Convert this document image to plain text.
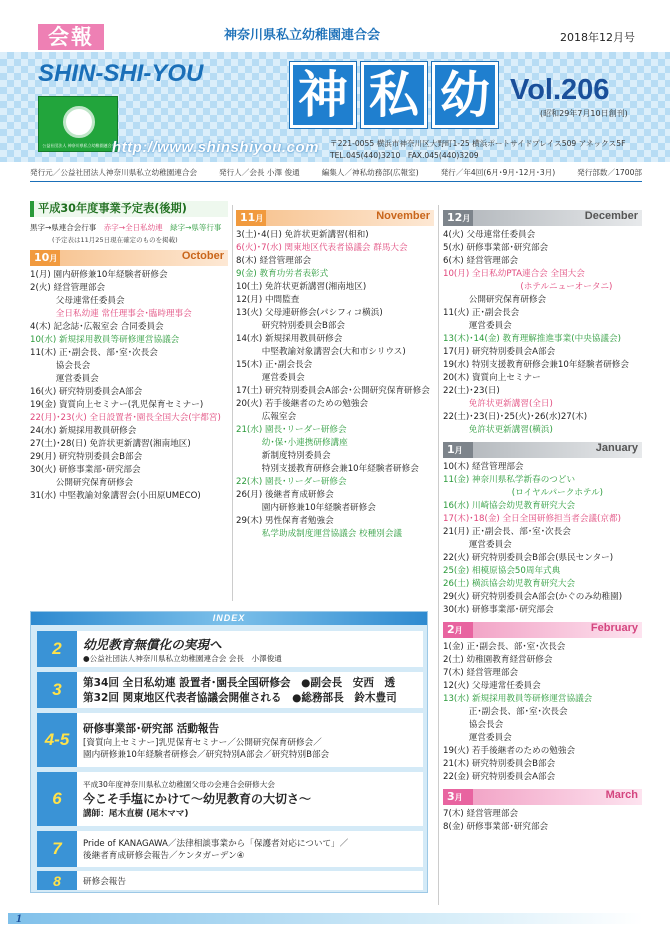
会報	神奈川県私立幼稚園連合会	2018年12月号
SHIN-SHI-YOU
公益社団法人 神奈川県私立幼稚園連合会
神 私 幼 Vol.206
(昭和29年7月10日創刊)
http://www.shinshiyou.com 〒221-0055 横浜市神奈川区大野町1-25 横浜ポートサイドプレイス509 アネックス5F
TEL.045(440)3210　FAX.045(440)3209
発行元／公益社団法人神奈川県私立幼稚園連合会	発行人／会長 小澤 俊通	編集人／神私幼務部(広報室)	発行／年4回(6月･9月･12月･3月)	発行部数／1700部
平成30年度事業予定表(後期)
黒字→県連合会行事　 赤字→全日私幼連　 緑字→県等行事
(予定表は11月25日現在確定のものを掲載)
10月	October
1(月) 園内研修兼10年経験者研修会
2(火) 経営管理部会
　　　父母連常任委員会
　　　全日私幼連 常任理事会･臨時理事会
4(木) 記念誌･広報室会 合同委員会
10(水) 新規採用教員等研修運営協議会
11(木) 正･副会長、部･室･次長会
　　　協会長会
　　　運営委員会
16(火) 研究特別委員会A部会
19(金) 資質向上セミナー(乳児保育セミナー)
22(月)･23(火) 全日設置者･園長全国大会(宇都宮)
24(水) 新規採用教員研修会
27(土)･28(日) 免許状更新講習(湘南地区)
29(月) 研究特別委員会B部会
30(火) 研修事業部･研究部会
　　　公開研究保育研修会
31(水) 中堅教諭対象講習会(小田原UMECO)
11月	November
3(土)･4(日) 免許状更新講習(相和)
6(火)･7(水) 関東地区代表者協議会 群馬大会
8(木) 経営管理部会
9(金) 教育功労者表彰式
10(土) 免許状更新講習(湘南地区)
12(月) 中間監査
13(火) 父母連研修会(パシフィコ横浜)
　　　研究特別委員会B部会
14(水) 新規採用教員研修会
　　　中堅教諭対象講習会(大和市シリウス)
15(木) 正･副会長会
　　　運営委員会
17(土) 研究特別委員会A部会･公開研究保育研修会
20(火) 若手後継者のための勉強会
　　　広報室会
21(水) 園長･リーダー研修会
　　　幼･保･小連携研修講座
　　　新制度特別委員会
　　　特別支援教育研修会兼10年経験者研修会
22(木) 園長･リーダー研修会
26(月) 後継者育成研修会
　　　園内研修兼10年経験者研修会
29(木) 男性保育者勉強会
　　　私学助成制度運営協議会 校種別会議
12月	December
4(火) 父母連常任委員会
5(水) 研修事業部･研究部会
6(木) 経営管理部会
10(月) 全日私幼PTA連合会 全国大会
　　　　　　　　　(ホテルニューオータニ)
　　　公開研究保育研修会
11(火) 正･副会長会
　　　運営委員会
13(木)･14(金) 教育理解推進事業(中央協議会)
17(月) 研究特別委員会A部会
19(水) 特別支援教育研修会兼10年経験者研修会
20(木) 資質向上セミナー
22(土)･23(日)
　　　免許状更新講習(全日)
22(土)･23(日)･25(火)･26(水)27(木)
　　　免許状更新講習(横浜)
1月	January
10(木) 経営管理部会
11(金) 神奈川県私学新春のつどい
　　　　　　　　(ロイヤルパークホテル)
16(水) 川崎協会幼児教育研究大会
17(木)･18(金) 全日全国研修担当者会議(京都)
21(月) 正･副会長、部･室･次長会
　　　運営委員会
22(火) 研究特別委員会B部会(県民センター)
25(金) 相模原協会50周年式典
26(土) 横浜協会幼児教育研究大会
29(火) 研究特別委員会A部会(かぐのみ幼稚園)
30(水) 研修事業部･研究部会
2月	February
1(金) 正･副会長、部･室･次長会
2(土) 幼稚園教育経営研修会
7(木) 経営管理部会
12(火) 父母連常任委員会
13(水) 新規採用教員等研修運営協議会
　　　正･副会長、部･室･次長会
　　　協会長会
　　　運営委員会
19(火) 若手後継者のための勉強会
21(木) 研究特別委員会B部会
22(金) 研究特別委員会A部会
3月	March
7(木) 経営管理部会
8(金) 研修事業部･研究部会
INDEX
2	幼児教育無償化の実現へ
●公益社団法人神奈川県私立幼稚園連合会 会長　小澤俊通
3	第34回 全日私幼連 設置者･園長全国研修会　●副会長　安西　透
第32回 関東地区代表者協議会開催される　●総務部長　鈴木豊司
4-5
研修事業部･研究部 活動報告
[資質向上セミナー]乳児保育セミナー／公開研究保育研修会／
園内研修兼10年経験者研修会／研究特別A部会／研究特別B部会
6
平成30年度神奈川県私立幼稚園父母の会連合会研修大会
今こそ手塩にかけて〜幼児教育の大切さ〜
講師：尾木直樹 (尾木ママ)
7	Pride of KANAGAWA／法律相談事業から「保護者対応について」／
後継者育成研修会報告／ケンタガーデン④
8	研修会報告
1
